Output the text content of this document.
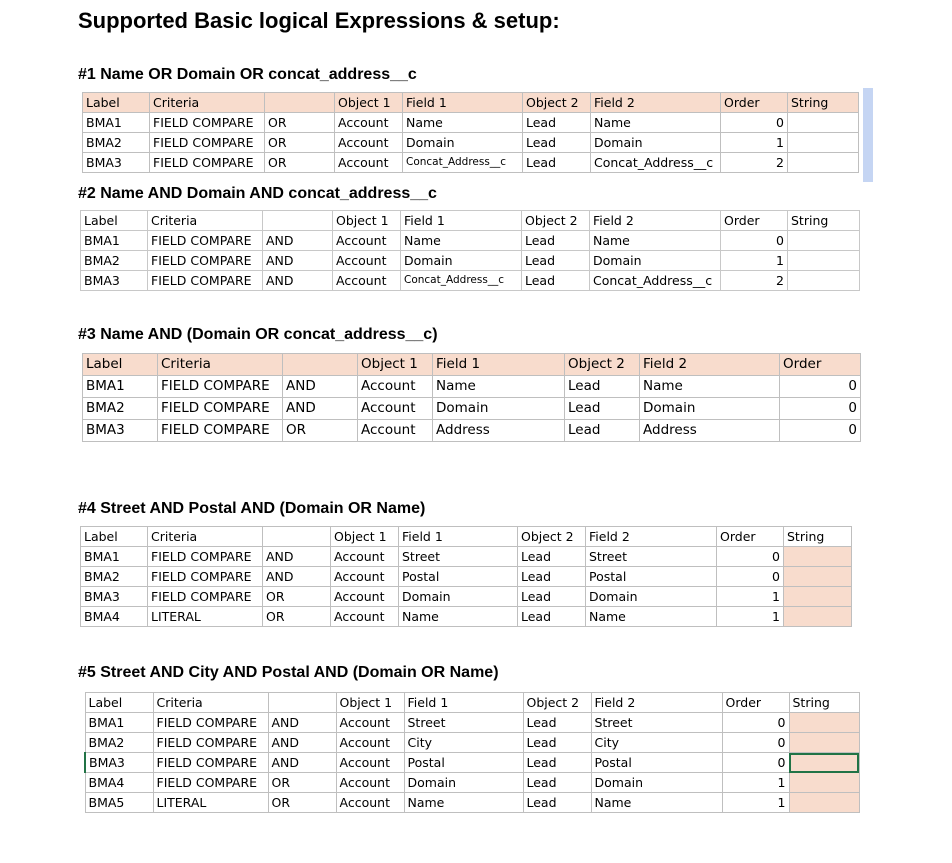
Supported Basic logical Expressions & setup:
#1 Name OR Domain OR concat_address__c
Label	Criteria		Object 1	Field 1	Object 2	Field 2	Order	String
BMA1	FIELD COMPARE	OR	Account	Name	Lead	Name	0	
BMA2	FIELD COMPARE	OR	Account	Domain	Lead	Domain	1	
BMA3	FIELD COMPARE	OR	Account	Concat_Address__c	Lead	Concat_Address__c	2	
#2 Name AND Domain AND concat_address__c
Label	Criteria		Object 1	Field 1	Object 2	Field 2	Order	String
BMA1	FIELD COMPARE	AND	Account	Name	Lead	Name	0	
BMA2	FIELD COMPARE	AND	Account	Domain	Lead	Domain	1	
BMA3	FIELD COMPARE	AND	Account	Concat_Address__c	Lead	Concat_Address__c	2	
#3 Name AND (Domain OR concat_address__c)
Label	Criteria		Object 1	Field 1	Object 2	Field 2	Order
BMA1	FIELD COMPARE	AND	Account	Name	Lead	Name	0
BMA2	FIELD COMPARE	AND	Account	Domain	Lead	Domain	0
BMA3	FIELD COMPARE	OR	Account	Address	Lead	Address	0
#4 Street AND Postal AND (Domain OR Name)
Label	Criteria		Object 1	Field 1	Object 2	Field 2	Order	String
BMA1	FIELD COMPARE	AND	Account	Street	Lead	Street	0	
BMA2	FIELD COMPARE	AND	Account	Postal	Lead	Postal	0	
BMA3	FIELD COMPARE	OR	Account	Domain	Lead	Domain	1	
BMA4	LITERAL	OR	Account	Name	Lead	Name	1	
#5 Street AND City AND Postal AND (Domain OR Name)
Label	Criteria		Object 1	Field 1	Object 2	Field 2	Order	String
BMA1	FIELD COMPARE	AND	Account	Street	Lead	Street	0	
BMA2	FIELD COMPARE	AND	Account	City	Lead	City	0	
BMA3	FIELD COMPARE	AND	Account	Postal	Lead	Postal	0	
BMA4	FIELD COMPARE	OR	Account	Domain	Lead	Domain	1	
BMA5	LITERAL	OR	Account	Name	Lead	Name	1	
